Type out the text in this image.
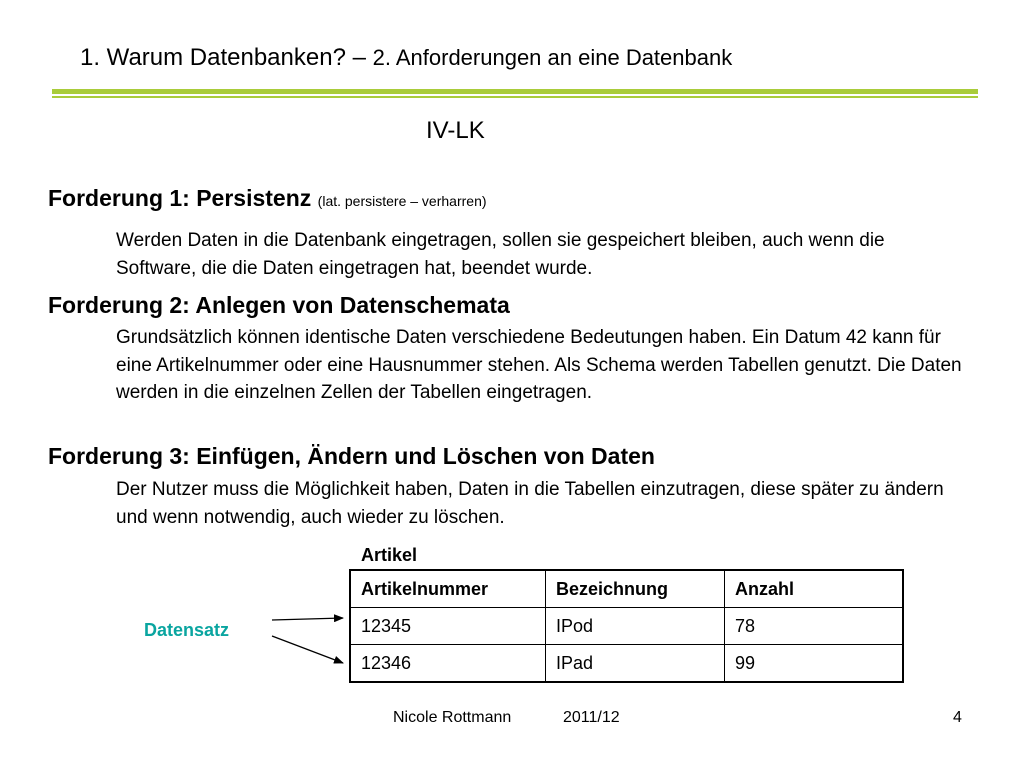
1. Warum Datenbanken? – 2. Anforderungen an eine Datenbank
IV-LK
Forderung 1: Persistenz (lat. persistere – verharren)
Werden Daten in die Datenbank eingetragen, sollen sie gespeichert bleiben, auch wenn die Software, die die Daten eingetragen hat, beendet wurde.
Forderung 2: Anlegen von Datenschemata
Grundsätzlich können identische Daten verschiedene Bedeutungen haben. Ein Datum 42 kann für eine Artikelnummer oder eine Hausnummer stehen. Als Schema werden Tabellen genutzt. Die Daten werden in die einzelnen Zellen der Tabellen eingetragen.
Forderung 3: Einfügen, Ändern und Löschen von Daten
Der Nutzer muss die Möglichkeit haben, Daten in die Tabellen einzutragen, diese später zu ändern und wenn notwendig, auch wieder zu löschen.
Artikel
Artikelnummer	Bezeichnung	Anzahl
12345	IPod	78
12346	IPad	99
Datensatz
Nicole Rottmann	2011/12	4
